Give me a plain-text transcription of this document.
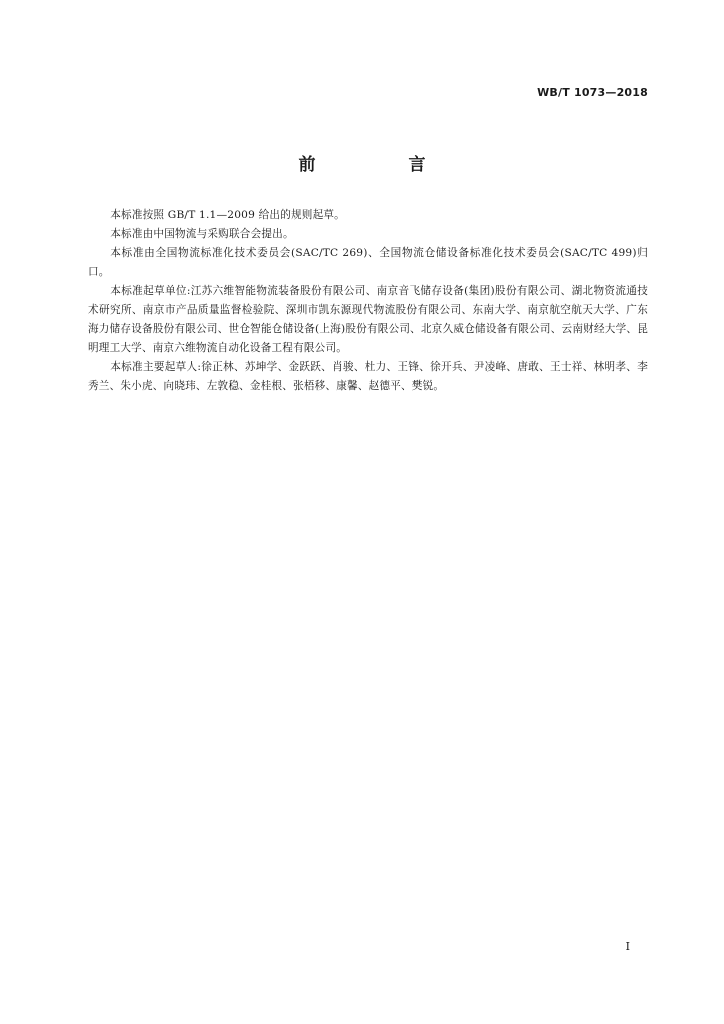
WB/T 1073—2018
前　言

本标准按照 GB/T 1.1—2009 给出的规则起草。

本标准由中国物流与采购联合会提出。

本标准由全国物流标准化技术委员会(SAC/TC 269)、全国物流仓储设备标准化技术委员会(SAC/TC 499)归口。

本标准起草单位:江苏六维智能物流装备股份有限公司、南京音飞储存设备(集团)股份有限公司、湖北物资流通技术研究所、南京市产品质量监督检验院、深圳市凯东源现代物流股份有限公司、东南大学、南京航空航天大学、广东海力储存设备股份有限公司、世仓智能仓储设备(上海)股份有限公司、北京久威仓储设备有限公司、云南财经大学、昆明理工大学、南京六维物流自动化设备工程有限公司。

本标准主要起草人:徐正林、苏坤学、金跃跃、肖骏、杜力、王锋、徐开兵、尹凌峰、唐敢、王士祥、林明孝、李秀兰、朱小虎、向晓玮、左敦稳、金桂根、张梧移、康馨、赵德平、樊锐。

I
